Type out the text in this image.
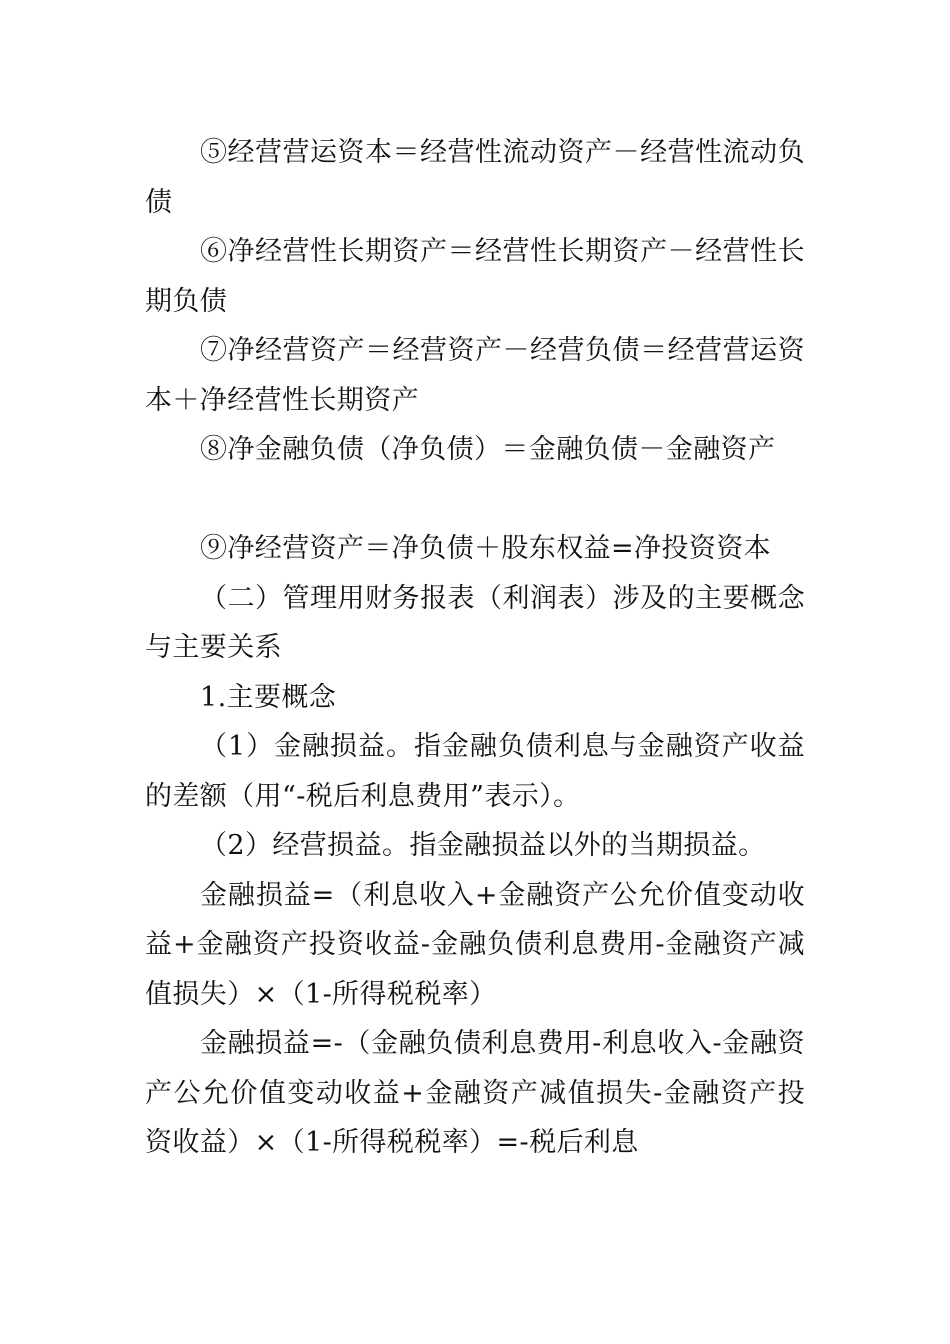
⑤经营营运资本＝经营性流动资产－经营性流动负债

⑥净经营性长期资产＝经营性长期资产－经营性长期负债

⑦净经营资产＝经营资产－经营负债＝经营营运资本＋净经营性长期资产

⑧净金融负债（净负债）＝金融负债－金融资产

⑨净经营资产＝净负债＋股东权益=净投资资本

（二）管理用财务报表（利润表）涉及的主要概念与主要关系

1.主要概念

（1）金融损益。指金融负债利息与金融资产收益的差额（用“-税后利息费用”表示）。

（2）经营损益。指金融损益以外的当期损益。

金融损益=（利息收入+金融资产公允价值变动收益+金融资产投资收益-金融负债利息费用-金融资产减值损失）×（1-所得税税率）

金融损益=-（金融负债利息费用-利息收入-金融资产公允价值变动收益+金融资产减值损失-金融资产投资收益）×（1-所得税税率）=-税后利息
